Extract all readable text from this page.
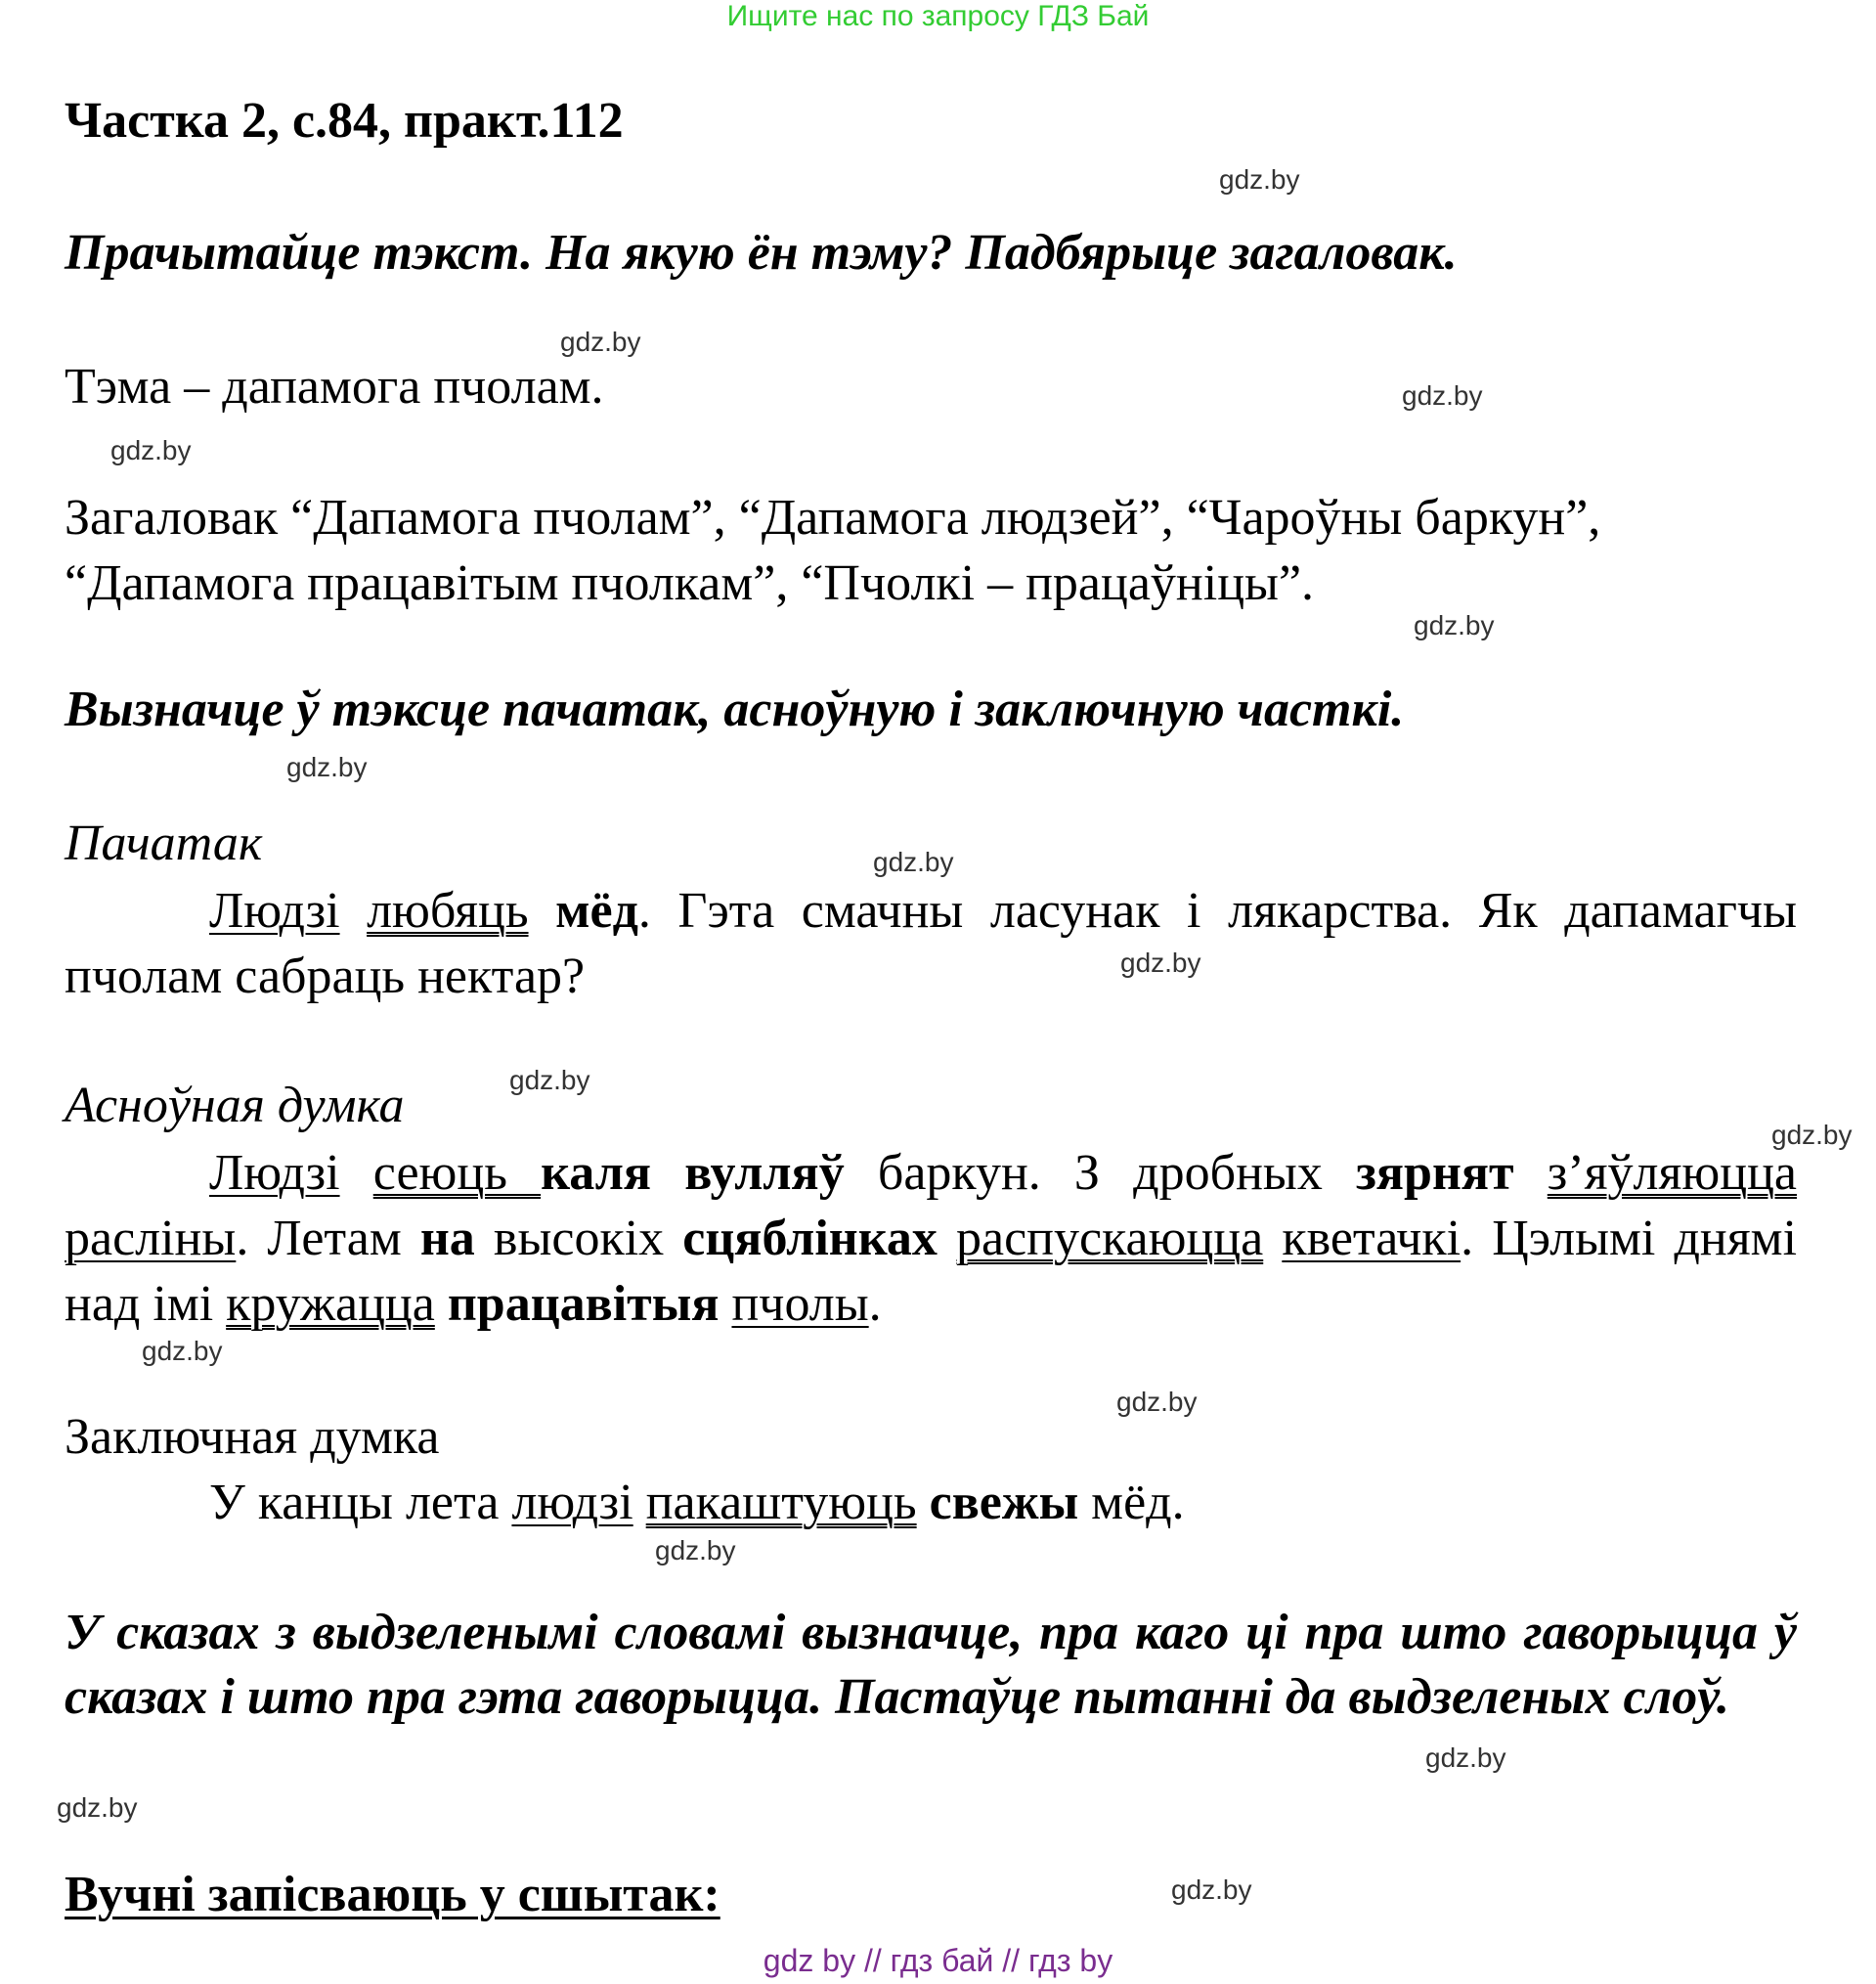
Ищите нас по запросу ГДЗ Бай
Частка 2, с.84, практ.112
Прачытайце тэкст. На якую ён тэму? Падбярыце загаловак.
Тэма – дапамога пчолам.
Загаловак “Дапамога пчолам”, “Дапамога людзей”, “Чароўны баркун”,
“Дапамога працавітым пчолкам”, “Пчолкі – працаўніцы”.
Вызначце ў тэксце пачатак, асноўную і заключную часткі.
Пачатак
Людзі любяць мёд. Гэта смачны ласунак і лякарства. Як дапамагчы пчолам сабраць нектар?
Асноўная думка
Людзі сеюць каля вулляў баркун. З дробных зярнят з’яўляюцца расліны. Летам на высокіх сцяблінках распускаюцца кветачкі. Цэлымі днямі над імі кружацца працавітыя пчолы.
Заключная думка
У канцы лета людзі пакаштуюць свежы мёд.
У сказах з выдзеленымі словамі вызначце, пра каго ці пра што гаворыцца ў сказах і што пра гэта гаворыцца. Пастаўце пытанні да выдзеленых слоў.
Вучні запісваюць у сшытак:
gdz.by
gdz.by
gdz.by
gdz.by
gdz.by
gdz.by
gdz.by
gdz.by
gdz.by
gdz.by
gdz.by
gdz.by
gdz.by
gdz.by
gdz.by
gdz.by
gdz by // гдз бай // гдз by
